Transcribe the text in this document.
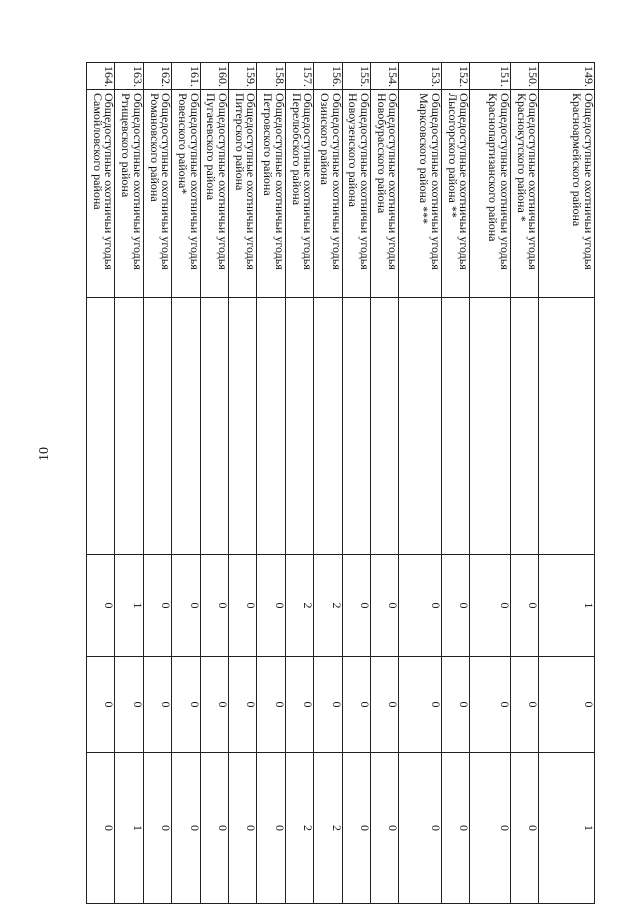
10
149.	Общедоступные охотничьи угодья Красноармейского района		1	0	1	
150.	Общедоступные охотничьи угодья Краснокутского района *		0	0	0	
151.	Общедоступные охотничьи угодья Краснопартизанского района		0	0	0	
152.	Общедоступные охотничьи угодья Лысогорского района **		0	0	0	
153.	Общедоступные охотничьи угодья Марксовского района ***		0	0	0	
154.	Общедоступные охотничьи угодья Новобурасского района		0	0	0	
155.	Общедоступные охотничьи угодья Новоузенского района		0	0	0	
156.	Общедоступные охотничьи угодья Озинского района		2	0	2	
157.	Общедоступные охотничьи угодья Перелюбского района		2	0	2	
158.	Общедоступные охотничьи угодья Петровского района		0	0	0	
159.	Общедоступные охотничьи угодья Питерского района		0	0	0	
160.	Общедоступные охотничьи угодья Пугачевского района		0	0	0	
161.	Общедоступные охотничьи угодья Ровенского района*		0	0	0	
162.	Общедоступные охотничьи угодья Романовского района		0	0	0	
163.	Общедоступные охотничьи угодья Ртищевского района		1	0	1	
164.	Общедоступные охотничьи угодья Самойловского района		0	0	0	
